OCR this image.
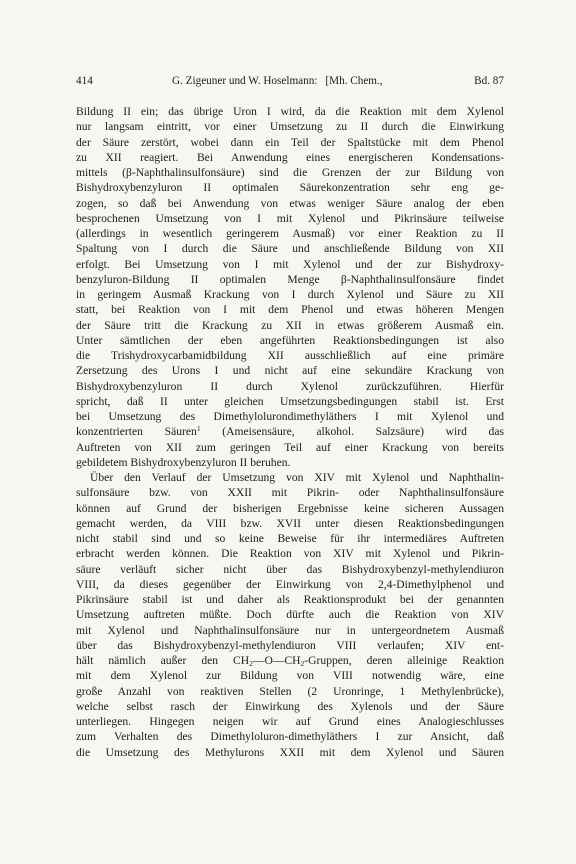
414	G. Zigeuner und W. Hoselmann: [Mh. Chem.,	Bd. 87
Bildung II ein; das übrige Uron I wird, da die Reaktion mit dem Xylenol
nur langsam eintritt, vor einer Umsetzung zu II durch die Einwirkung
der Säure zerstört, wobei dann ein Teil der Spaltstücke mit dem Phenol
zu XII reagiert. Bei Anwendung eines energischeren Kondensations-
mittels (β-Naphthalinsulfonsäure) sind die Grenzen der zur Bildung von
Bishydroxybenzyluron II optimalen Säurekonzentration sehr eng ge-
zogen, so daß bei Anwendung von etwas weniger Säure analog der eben
besprochenen Umsetzung von I mit Xylenol und Pikrinsäure teilweise
(allerdings in wesentlich geringerem Ausmaß) vor einer Reaktion zu II
Spaltung von I durch die Säure und anschließende Bildung von XII
erfolgt. Bei Umsetzung von I mit Xylenol und der zur Bishydroxy-
benzyluron-Bildung II optimalen Menge β-Naphthalinsulfonsäure findet
in geringem Ausmaß Krackung von I durch Xylenol und Säure zu XII
statt, bei Reaktion von I mit dem Phenol und etwas höheren Mengen
der Säure tritt die Krackung zu XII in etwas größerem Ausmaß ein.
Unter sämtlichen der eben angeführten Reaktionsbedingungen ist also
die Trishydroxycarbamidbildung XII ausschließlich auf eine primäre
Zersetzung des Urons I und nicht auf eine sekundäre Krackung von
Bishydroxybenzyluron II durch Xylenol zurückzuführen. Hierfür
spricht, daß II unter gleichen Umsetzungsbedingungen stabil ist. Erst
bei Umsetzung des Dimethylolurondimethyläthers I mit Xylenol und
konzentrierten Säuren$^1$ (Ameisensäure, alkohol. Salzsäure) wird das
Auftreten von XII zum geringen Teil auf einer Krackung von bereits
gebildetem Bishydroxybenzyluron II beruhen.
Über den Verlauf der Umsetzung von XIV mit Xylenol und Naphthalin-
sulfonsäure bzw. von XXII mit Pikrin- oder Naphthalinsulfonsäure
können auf Grund der bisherigen Ergebnisse keine sicheren Aussagen
gemacht werden, da VIII bzw. XVII unter diesen Reaktionsbedingungen
nicht stabil sind und so keine Beweise für ihr intermediäres Auftreten
erbracht werden können. Die Reaktion von XIV mit Xylenol und Pikrin-
säure verläuft sicher nicht über das Bishydroxybenzyl-methylendiuron
VIII, da dieses gegenüber der Einwirkung von 2,4-Dimethylphenol und
Pikrinsäure stabil ist und daher als Reaktionsprodukt bei der genannten
Umsetzung auftreten müßte. Doch dürfte auch die Reaktion von XIV
mit Xylenol und Naphthalinsulfonsäure nur in untergeordnetem Ausmaß
über das Bishydroxybenzyl-methylendiuron VIII verlaufen; XIV ent-
hält nämlich außer den $CH_2—O—CH_2$-Gruppen, deren alleinige Reaktion
mit dem Xylenol zur Bildung von VIII notwendig wäre, eine
große Anzahl von reaktiven Stellen (2 Uronringe, 1 Methylenbrücke),
welche selbst rasch der Einwirkung des Xylenols und der Säure
unterliegen. Hingegen neigen wir auf Grund eines Analogieschlusses
zum Verhalten des Dimethyloluron-dimethyläthers I zur Ansicht, daß
die Umsetzung des Methylurons XXII mit dem Xylenol und Säuren
